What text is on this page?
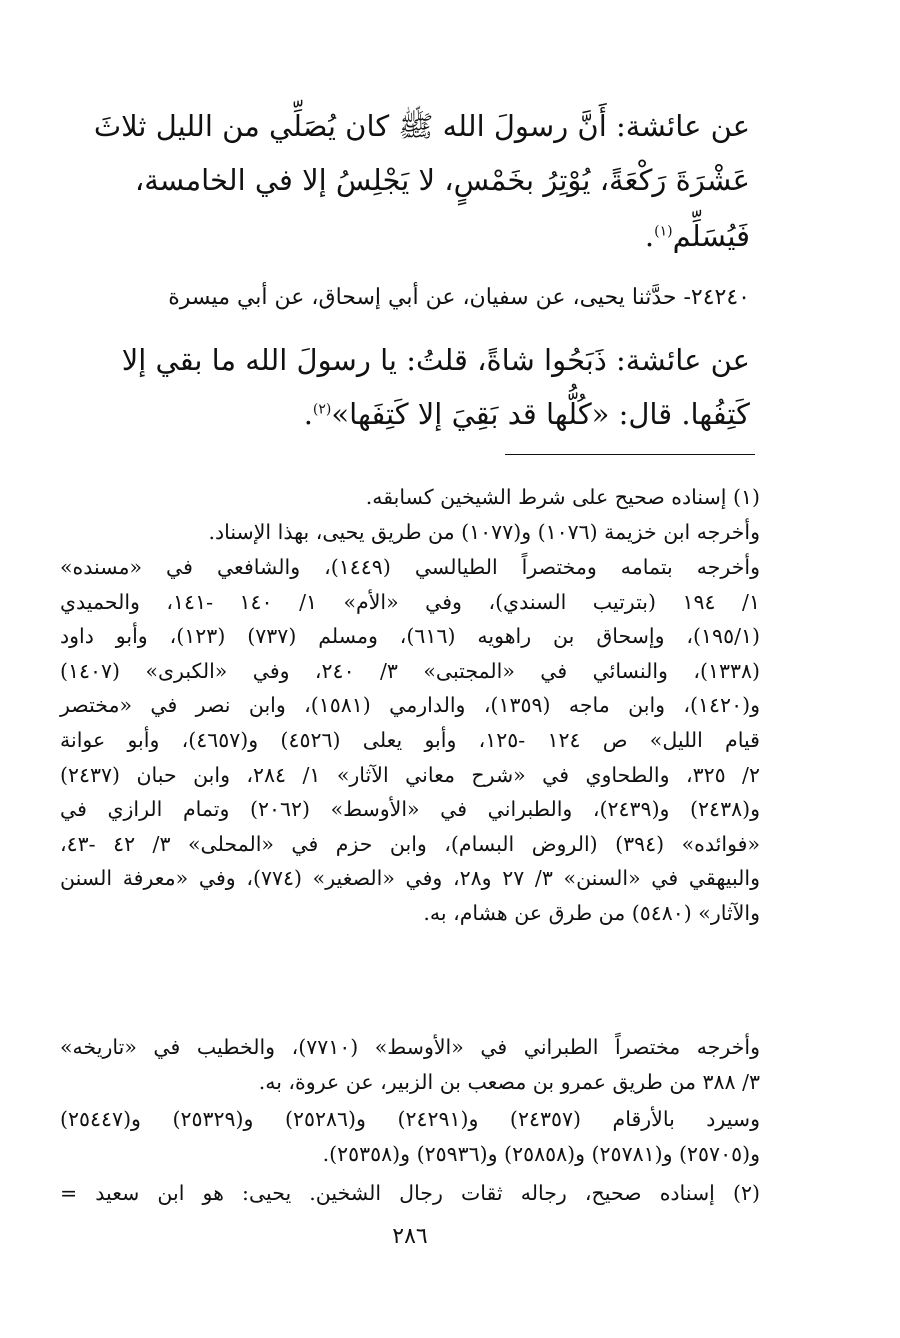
عن عائشة: أَنَّ رسولَ الله ﷺ كان يُصَلِّي من الليل ثلاثَ

عَشْرَةَ رَكْعَةً، يُوْتِرُ بخَمْسٍ، لا يَجْلِسُ إلا في الخامسة،

فَيُسَلِّم$^{(١)}$.

٢٤٢٤٠- حدَّثنا يحيى، عن سفيان، عن أبي إسحاق، عن أبي ميسرة

عن عائشة: ذَبَحُوا شاةً، قلتُ: يا رسولَ الله ما بقي إلا

كَتِفُها. قال: «كُلُّها قد بَقِيَ إلا كَتِفَها»$^{(٢)}$.

(١) إسناده صحيح على شرط الشيخين كسابقه.

وأخرجه ابن خزيمة (١٠٧٦) و(١٠٧٧) من طريق يحيى، بهذا الإسناد.

وأخرجه بتمامه ومختصراً الطيالسي (١٤٤٩)، والشافعي في «مسنده»
١/ ١٩٤ (بترتيب السندي)، وفي «الأم» ١/ ١٤٠ -١٤١، والحميدي
(١٩٥/١)، وإسحاق بن راهويه (٦١٦)، ومسلم (٧٣٧) (١٢٣)، وأبو داود
(١٣٣٨)، والنسائي في «المجتبى» ٣/ ٢٤٠، وفي «الكبرى» (١٤٠٧)
و(١٤٢٠)، وابن ماجه (١٣٥٩)، والدارمي (١٥٨١)، وابن نصر في «مختصر
قيام الليل» ص ١٢٤ -١٢٥، وأبو يعلى (٤٥٢٦) و(٤٦٥٧)، وأبو عوانة
٢/ ٣٢٥، والطحاوي في «شرح معاني الآثار» ١/ ٢٨٤، وابن حبان (٢٤٣٧)
و(٢٤٣٨) و(٢٤٣٩)، والطبراني في «الأوسط» (٢٠٦٢) وتمام الرازي في
«فوائده» (٣٩٤) (الروض البسام)، وابن حزم في «المحلى» ٣/ ٤٢ -٤٣،
والبيهقي في «السنن» ٣/ ٢٧ و٢٨، وفي «الصغير» (٧٧٤)، وفي «معرفة السنن
والآثار» (٥٤٨٠) من طرق عن هشام، به.
وأخرجه مختصراً الطبراني في «الأوسط» (٧٧١٠)، والخطيب في «تاريخه»
٣/ ٣٨٨ من طريق عمرو بن مصعب بن الزبير، عن عروة، به.
وسيرد بالأرقام (٢٤٣٥٧) و(٢٤٢٩١) و(٢٥٢٨٦) و(٢٥٣٢٩) و(٢٥٤٤٧)
و(٢٥٧٠٥) و(٢٥٧٨١) و(٢٥٨٥٨) و(٢٥٩٣٦) و(٢٥٣٥٨).

(٢) إسناده صحيح، رجاله ثقات رجال الشخين. يحيى: هو ابن سعيد =

٢٨٦
